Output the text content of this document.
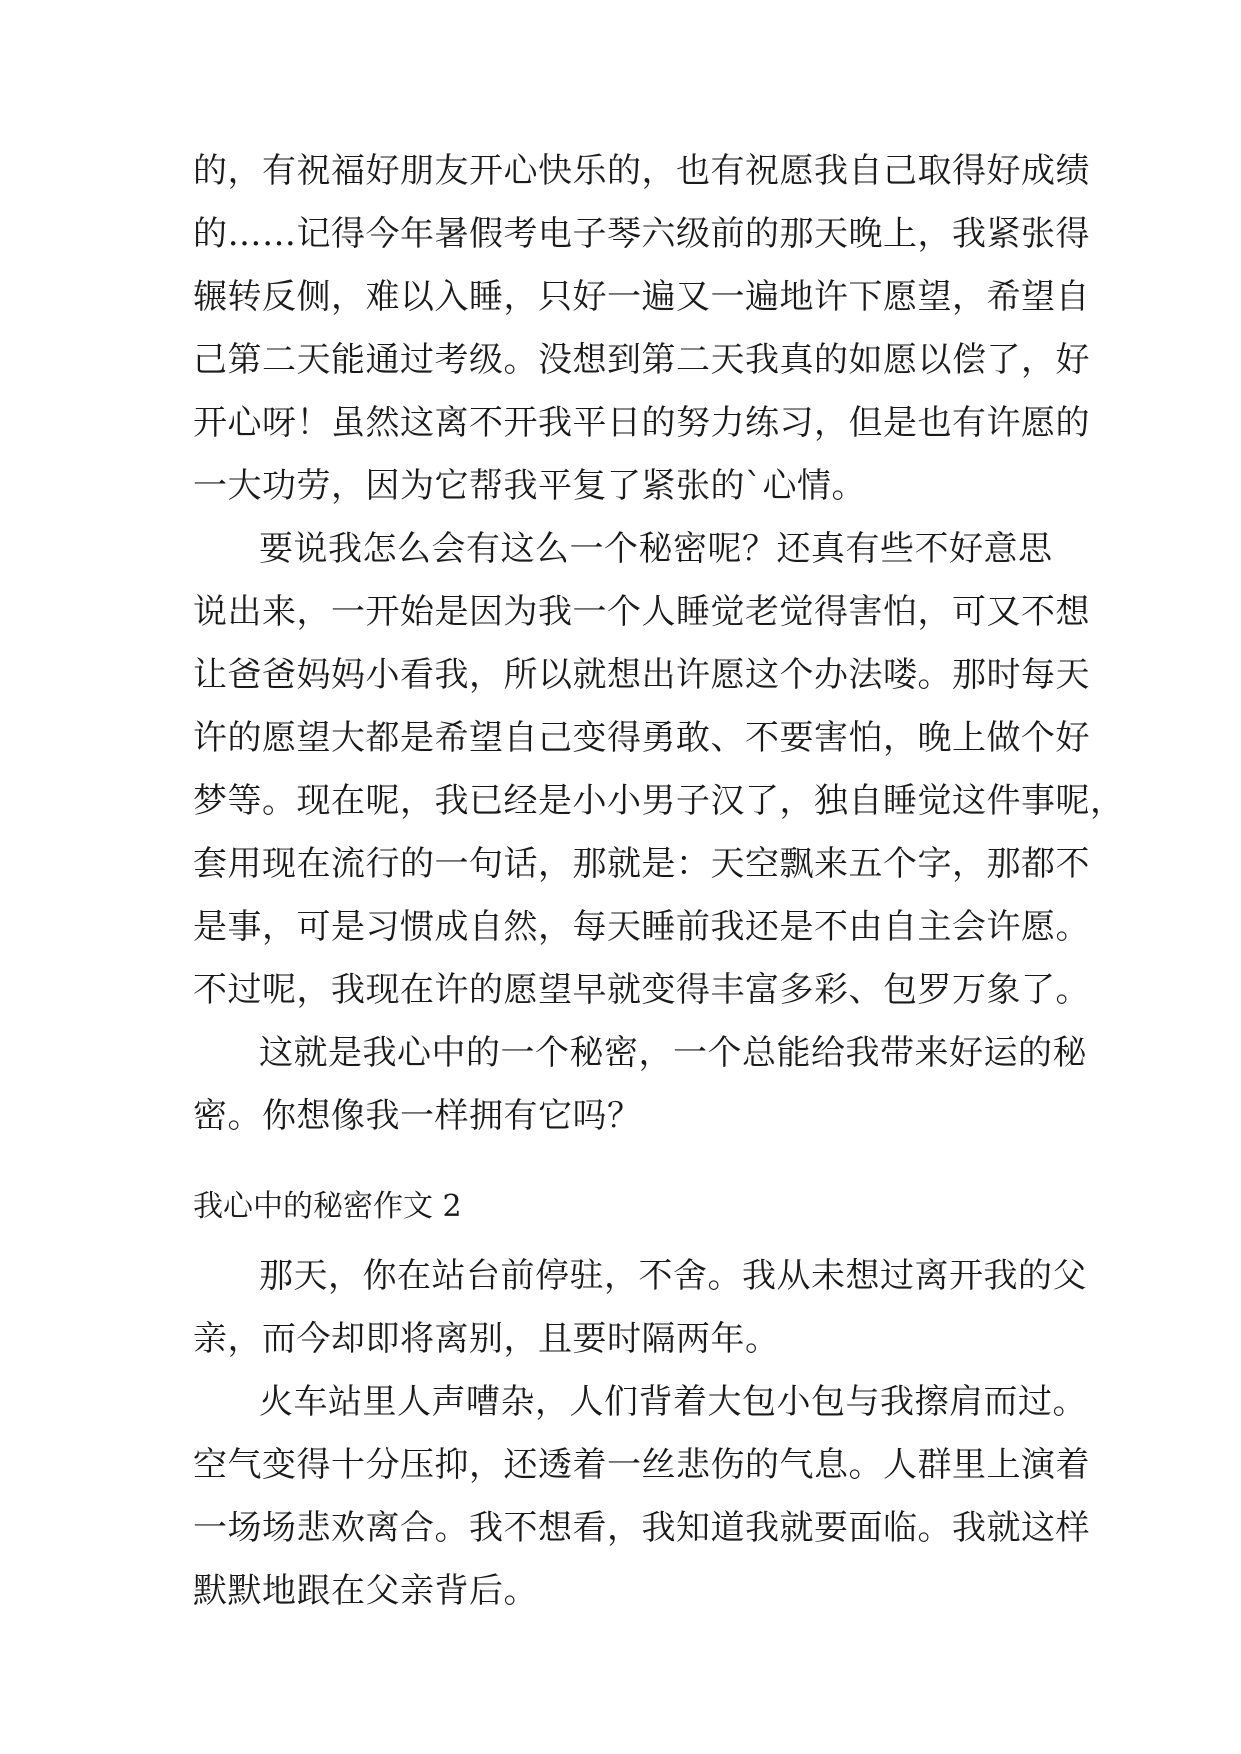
的，有祝福好朋友开心快乐的，也有祝愿我自己取得好成绩
的……记得今年暑假考电子琴六级前的那天晚上，我紧张得
辗转反侧，难以入睡，只好一遍又一遍地许下愿望，希望自
己第二天能通过考级。没想到第二天我真的如愿以偿了，好
开心呀！虽然这离不开我平日的努力练习，但是也有许愿的
一大功劳，因为它帮我平复了紧张的`心情。
要说我怎么会有这么一个秘密呢？还真有些不好意思
说出来，一开始是因为我一个人睡觉老觉得害怕，可又不想
让爸爸妈妈小看我，所以就想出许愿这个办法喽。那时每天
许的愿望大都是希望自己变得勇敢、不要害怕，晚上做个好
梦等。现在呢，我已经是小小男子汉了，独自睡觉这件事呢，
套用现在流行的一句话，那就是：天空飘来五个字，那都不
是事，可是习惯成自然，每天睡前我还是不由自主会许愿。
不过呢，我现在许的愿望早就变得丰富多彩、包罗万象了。
这就是我心中的一个秘密，一个总能给我带来好运的秘
密。你想像我一样拥有它吗？
我心中的秘密作文 2
那天，你在站台前停驻，不舍。我从未想过离开我的父
亲，而今却即将离别，且要时隔两年。
火车站里人声嘈杂，人们背着大包小包与我擦肩而过。
空气变得十分压抑，还透着一丝悲伤的气息。人群里上演着
一场场悲欢离合。我不想看，我知道我就要面临。我就这样
默默地跟在父亲背后。
